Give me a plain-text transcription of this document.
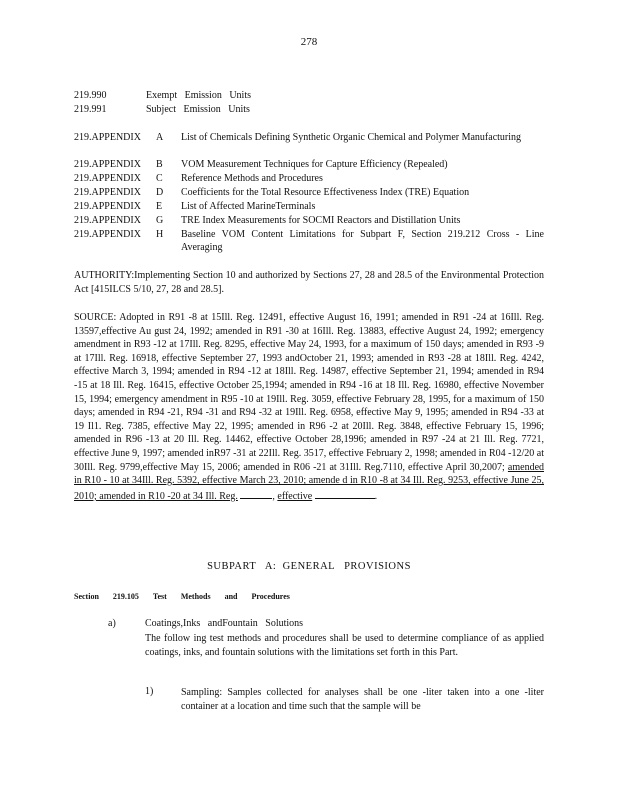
278
219.990	Exempt   Emission   Units
219.991	Subject   Emission   Units
219.APPENDIX	A	List of Chemicals Defining Synthetic Organic Chemical and Polymer Manufacturing
219.APPENDIX	B	VOM Measurement Techniques for Capture Efficiency (Repealed)
219.APPENDIX	C	Reference Methods and Procedures
219.APPENDIX	D	Coefficients for the Total Resource Effectiveness Index (TRE) Equation
219.APPENDIX	E	List of Affected MarineTerminals
219.APPENDIX	G	TRE Index Measurements for SOCMI Reactors and Distillation Units
219.APPENDIX	H	Baseline VOM Content Limitations for Subpart F, Section 219.212 Cross - Line Averaging
AUTHORITY:Implementing Section 10 and authorized by Sections 27, 28 and 28.5 of the Environmental Protection Act [415ILCS 5/10, 27, 28 and 28.5].
SOURCE: Adopted in R91 -8 at 15Ill. Reg. 12491, effective August 16, 1991; amended in R91 -24 at 16Ill. Reg. 13597,effective Au gust 24, 1992; amended in R91 -30 at 16Ill. Reg. 13883, effective August 24, 1992; emergency amendment in R93 -12 at 17Ill. Reg. 8295, effective May 24, 1993, for a maximum of 150 days; amended in R93 -9 at 17Ill. Reg. 16918, effective September 27, 1993 andOctober 21, 1993; amended in R93 -28 at 18Ill. Reg. 4242, effective March 3, 1994; amended in R94 -12 at 18Ill. Reg. 14987, effective September 21, 1994; amended in R94 -15 at 18 Ill. Reg. 16415, effective October 25,1994; amended in R94 -16 at 18 Ill. Reg. 16980, effective November 15, 1994; emergency amendment in R95 -10 at 19Ill. Reg. 3059, effective February 28, 1995, for a maximum of 150 days; amended in R94 -21, R94 -31 and R94 -32 at 19Ill. Reg. 6958, effective May 9, 1995; amended in R94 -33 at 19 Il1. Reg. 7385, effective May 22, 1995; amended in R96 -2 at 20Ill. Reg. 3848, effective February 15, 1996; amended in R96 -13 at 20 Ill. Reg. 14462, effective October 28,1996; amended in R97 -24 at 21 Ill. Reg. 7721, effective June 9, 1997; amended inR97 -31 at 22Ill. Reg. 3517, effective February 2, 1998; amended in R04 -12/20 at 30Ill. Reg. 9799,effective May 15, 2006; amended in R06 -21 at 31Ill. Reg.7110, effective April 30,2007; amended in R10 - 10 at 34Ill. Reg. 5392, effective March 23, 2010; amende d in R10 -8 at 34 Ill. Reg. 9253, effective June 25, 2010; amended in R10 -20 at 34 Ill. Reg.	, effective	.
SUBPART   A:  GENERAL   PROVISIONS
Section 219.105 Test Methods and Procedures
a)	Coatings,Inks   andFountain   Solutions
The follow ing test methods and procedures shall be used to determine compliance of as applied coatings, inks, and fountain solutions with the limitations set forth in this Part.
1)	Sampling: Samples collected for analyses shall be one -liter taken into a one -liter container at a location and time such that the sample will be
